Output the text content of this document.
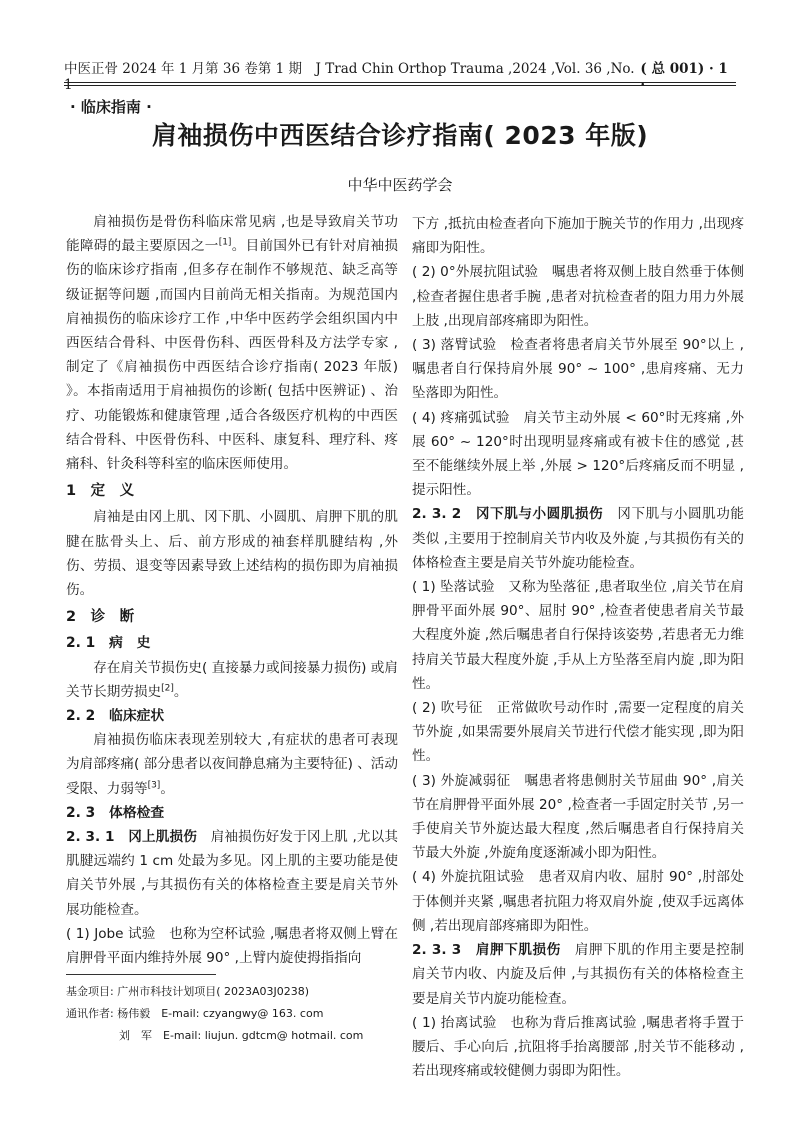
中医正骨 2024 年 1 月第 36 卷第 1 期　J Trad Chin Orthop Trauma ,2024 ,Vol. 36 ,No. 1
( 总 001) · 1 ·
· 临床指南 ·
肩袖损伤中西医结合诊疗指南( 2023 年版)
中华中医药学会

肩袖损伤是骨伤科临床常见病 ,也是导致肩关节功能障碍的最主要原因之一[1]。目前国外已有针对肩袖损伤的临床诊疗指南 ,但多存在制作不够规范、缺乏高等级证据等问题 ,而国内目前尚无相关指南。为规范国内肩袖损伤的临床诊疗工作 ,中华中医药学会组织国内中西医结合骨科、中医骨伤科、西医骨科及方法学专家 ,制定了《肩袖损伤中西医结合诊疗指南( 2023 年版) 》。本指南适用于肩袖损伤的诊断( 包括中医辨证) 、治疗、功能锻炼和健康管理 ,适合各级医疗机构的中西医结合骨科、中医骨伤科、中医科、康复科、理疗科、疼痛科、针灸科等科室的临床医师使用。

1　定　义

肩袖是由冈上肌、冈下肌、小圆肌、肩胛下肌的肌腱在肱骨头上、后、前方形成的袖套样肌腱结构 ,外伤、劳损、退变等因素导致上述结构的损伤即为肩袖损伤。

2　诊　断

2. 1　病　史

存在肩关节损伤史( 直接暴力或间接暴力损伤) 或肩关节长期劳损史[2]。

2. 2　临床症状

肩袖损伤临床表现差别较大 ,有症状的患者可表现为肩部疼痛( 部分患者以夜间静息痛为主要特征) 、活动受限、力弱等[3]。

2. 3　体格检查

2. 3. 1　冈上肌损伤　肩袖损伤好发于冈上肌 ,尤以其肌腱远端约 1 cm 处最为多见。冈上肌的主要功能是使肩关节外展 ,与其损伤有关的体格检查主要是肩关节外展功能检查。

( 1) Jobe 试验　也称为空杯试验 ,嘱患者将双侧上臂在肩胛骨平面内维持外展 90° ,上臂内旋使拇指指向

下方 ,抵抗由检查者向下施加于腕关节的作用力 ,出现疼痛即为阳性。

( 2) 0°外展抗阻试验　嘱患者将双侧上肢自然垂于体侧 ,检查者握住患者手腕 ,患者对抗检查者的阻力用力外展上肢 ,出现肩部疼痛即为阳性。

( 3) 落臂试验　检查者将患者肩关节外展至 90°以上 ,嘱患者自行保持肩外展 90° ~ 100° ,患肩疼痛、无力坠落即为阳性。

( 4) 疼痛弧试验　肩关节主动外展 < 60°时无疼痛 ,外展 60° ~ 120°时出现明显疼痛或有被卡住的感觉 ,甚至不能继续外展上举 ,外展 > 120°后疼痛反而不明显 ,提示阳性。

2. 3. 2　冈下肌与小圆肌损伤　冈下肌与小圆肌功能类似 ,主要用于控制肩关节内收及外旋 ,与其损伤有关的体格检查主要是肩关节外旋功能检查。

( 1) 坠落试验　又称为坠落征 ,患者取坐位 ,肩关节在肩胛骨平面外展 90°、屈肘 90° ,检查者使患者肩关节最大程度外旋 ,然后嘱患者自行保持该姿势 ,若患者无力维持肩关节最大程度外旋 ,手从上方坠落至肩内旋 ,即为阳性。

( 2) 吹号征　正常做吹号动作时 ,需要一定程度的肩关节外旋 ,如果需要外展肩关节进行代偿才能实现 ,即为阳性。

( 3) 外旋减弱征　嘱患者将患侧肘关节屈曲 90° ,肩关节在肩胛骨平面外展 20° ,检查者一手固定肘关节 ,另一手使肩关节外旋达最大程度 ,然后嘱患者自行保持肩关节最大外旋 ,外旋角度逐渐减小即为阳性。

( 4) 外旋抗阻试验　患者双肩内收、屈肘 90° ,肘部处于体侧并夹紧 ,嘱患者抗阻力将双肩外旋 ,使双手远离体侧 ,若出现肩部疼痛即为阳性。

2. 3. 3　肩胛下肌损伤　肩胛下肌的作用主要是控制肩关节内收、内旋及后伸 ,与其损伤有关的体格检查主要是肩关节内旋功能检查。

( 1) 抬离试验　也称为背后推离试验 ,嘱患者将手置于腰后、手心向后 ,抗阻将手抬离腰部 ,肘关节不能移动 ,若出现疼痛或较健侧力弱即为阳性。

基金项目: 广州市科技计划项目( 2023A03J0238)

通讯作者: 杨伟毅　E-mail: czyangwy@ 163. com

刘　军　E-mail: liujun. gdtcm@ hotmail. com
